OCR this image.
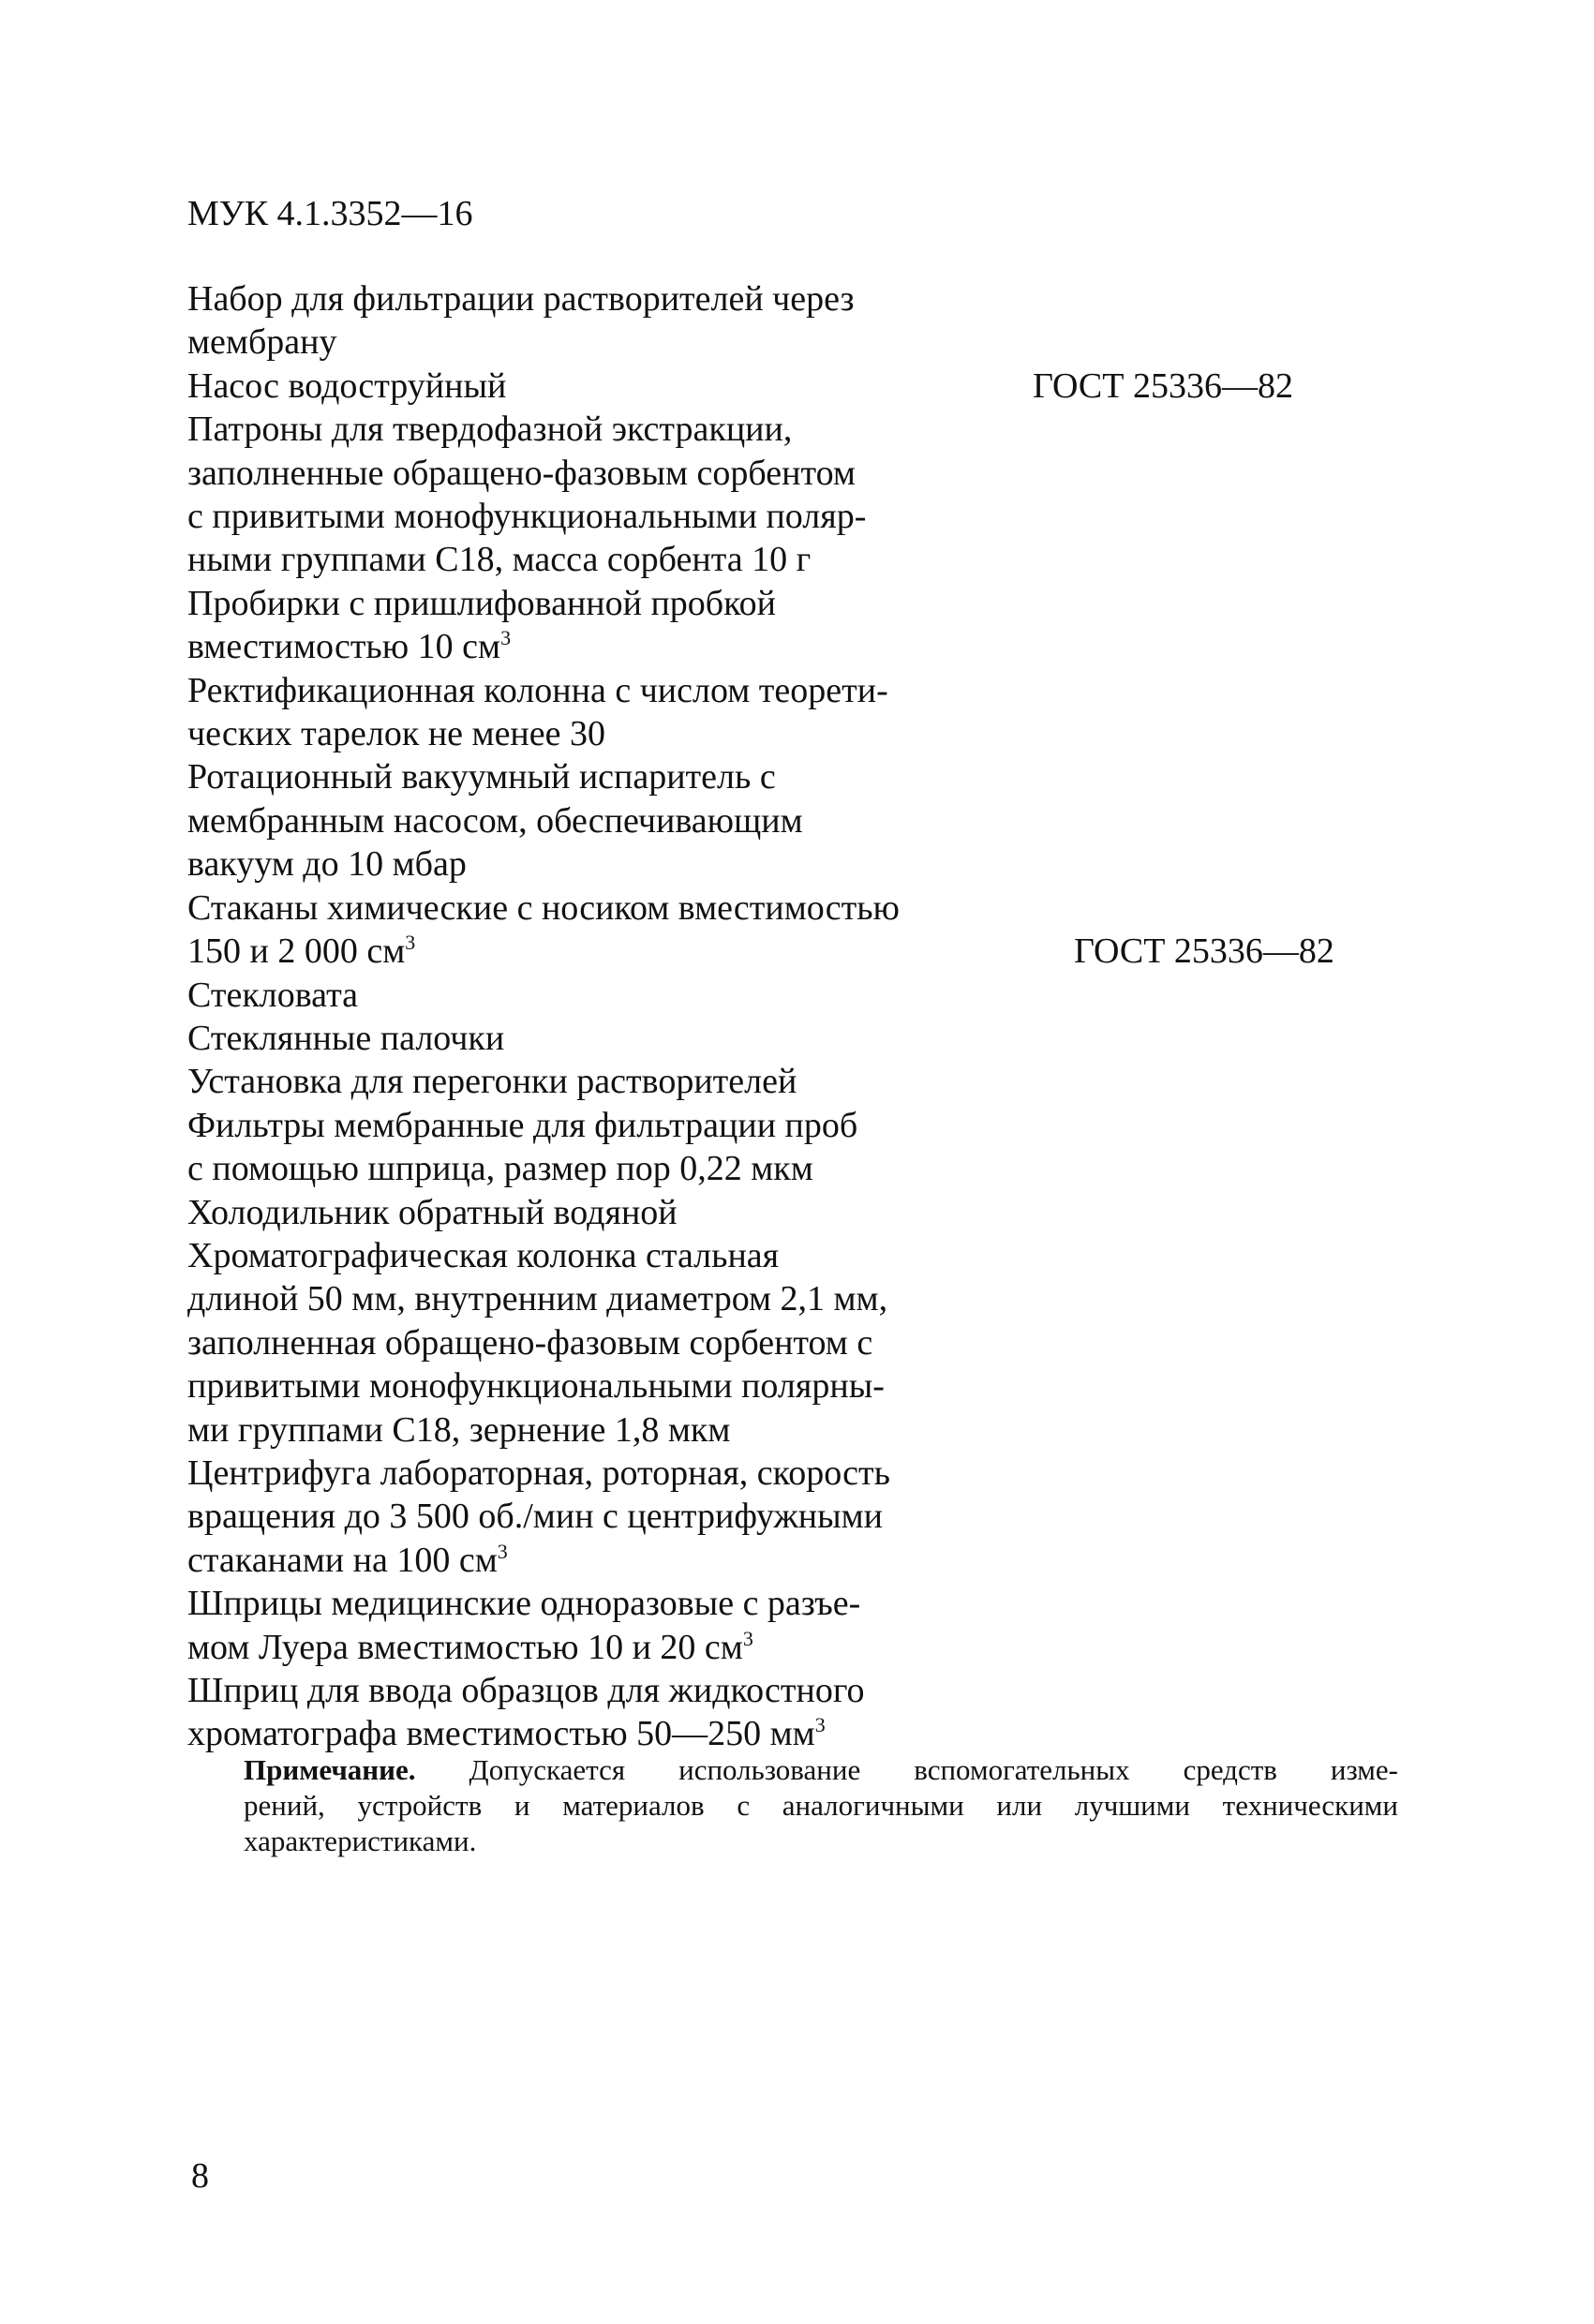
МУК 4.1.3352—16
Набор для фильтрации растворителей через
мембрану
Насос водоструйный	ГОСТ 25336—82
Патроны для твердофазной экстракции,
заполненные обращено-фазовым сорбентом
с привитыми монофункциональными поляр-
ными группами С18, масса сорбента 10 г
Пробирки с пришлифованной пробкой
вместимостью 10 $см^3$
Ректификационная колонна с числом теорети-
ческих тарелок не менее 30
Ротационный вакуумный испаритель с
мембранным насосом, обеспечивающим
вакуум до 10 мбар
Стаканы химические с носиком вместимостью
150 и 2 000 $см^3$	ГОСТ 25336—82
Стекловата
Стеклянные палочки
Установка для перегонки растворителей
Фильтры мембранные для фильтрации проб
с помощью шприца, размер пор 0,22 мкм
Холодильник обратный водяной
Хроматографическая колонка стальная
длиной 50 мм, внутренним диаметром 2,1 мм,
заполненная обращено-фазовым сорбентом с
привитыми монофункциональными полярны-
ми группами С18, зернение 1,8 мкм
Центрифуга лабораторная, роторная, скорость
вращения до 3 500 об./мин с центрифужными
стаканами на 100 $см^3$
Шприцы медицинские одноразовые с разъе-
мом Луера вместимостью 10 и 20 $см^3$
Шприц для ввода образцов для жидкостного
хроматографа вместимостью 50—250 $мм^3$
Примечание. Допускается использование вспомогательных средств изме-
рений, устройств и материалов с аналогичными или лучшими техническими
характеристиками.
8
